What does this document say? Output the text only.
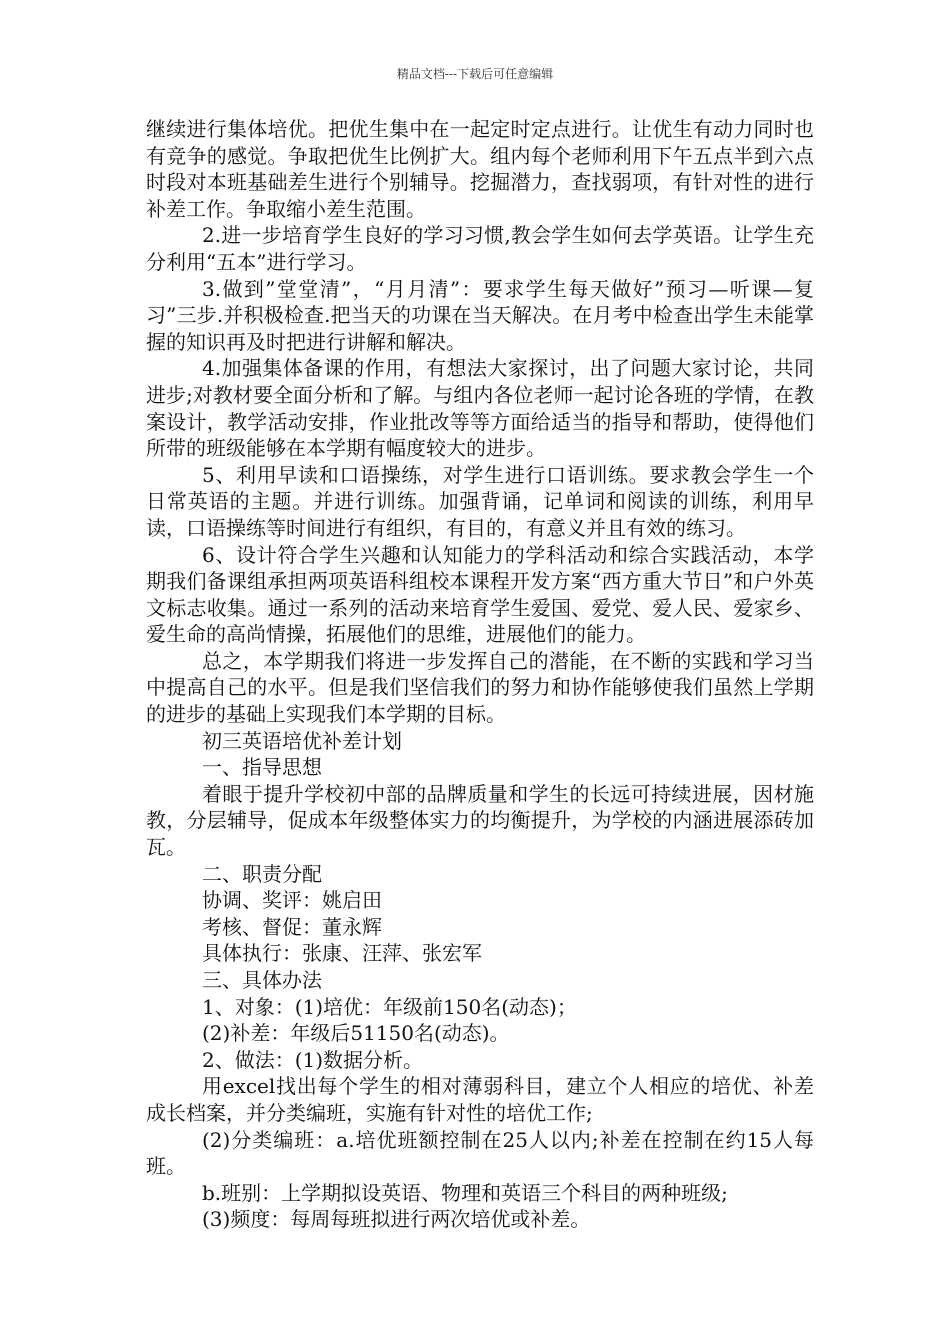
精品文档---下载后可任意编辑

继续进行集体培优。把优生集中在一起定时定点进行。让优生有动力同时也有竞争的感觉。争取把优生比例扩大。组内每个老师利用下午五点半到六点时段对本班基础差生进行个别辅导。挖掘潜力，查找弱项，有针对性的进行补差工作。争取缩小差生范围。

2.进一步培育学生良好的学习习惯,教会学生如何去学英语。让学生充分利用“五本”进行学习。

3.做到”堂堂清”，“月月清”：要求学生每天做好”预习—听课—复习”三步.并积极检查.把当天的功课在当天解决。在月考中检查出学生未能掌握的知识再及时把进行讲解和解决。

4.加强集体备课的作用，有想法大家探讨，出了问题大家讨论，共同进步;对教材要全面分析和了解。与组内各位老师一起讨论各班的学情，在教案设计，教学活动安排，作业批改等等方面给适当的指导和帮助，使得他们所带的班级能够在本学期有幅度较大的进步。

5、利用早读和口语操练，对学生进行口语训练。要求教会学生一个日常英语的主题。并进行训练。加强背诵，记单词和阅读的训练，利用早读，口语操练等时间进行有组织，有目的，有意义并且有效的练习。

6、设计符合学生兴趣和认知能力的学科活动和综合实践活动，本学期我们备课组承担两项英语科组校本课程开发方案“西方重大节日”和户外英文标志收集。通过一系列的活动来培育学生爱国、爱党、爱人民、爱家乡、爱生命的高尚情操，拓展他们的思维，进展他们的能力。

总之，本学期我们将进一步发挥自己的潜能，在不断的实践和学习当中提高自己的水平。但是我们坚信我们的努力和协作能够使我们虽然上学期的进步的基础上实现我们本学期的目标。

初三英语培优补差计划

一、指导思想

着眼于提升学校初中部的品牌质量和学生的长远可持续进展，因材施教，分层辅导，促成本年级整体实力的均衡提升，为学校的内涵进展添砖加瓦。

二、职责分配

协调、奖评：姚启田

考核、督促：董永辉

具体执行：张康、汪萍、张宏军

三、具体办法

1、对象：(1)培优：年级前150名(动态)；

(2)补差：年级后51150名(动态)。

2、做法：(1)数据分析。

用excel找出每个学生的相对薄弱科目，建立个人相应的培优、补差成长档案，并分类编班，实施有针对性的培优工作;

(2)分类编班：a.培优班额控制在25人以内;补差在控制在约15人每班。

b.班别：上学期拟设英语、物理和英语三个科目的两种班级;

(3)频度：每周每班拟进行两次培优或补差。
